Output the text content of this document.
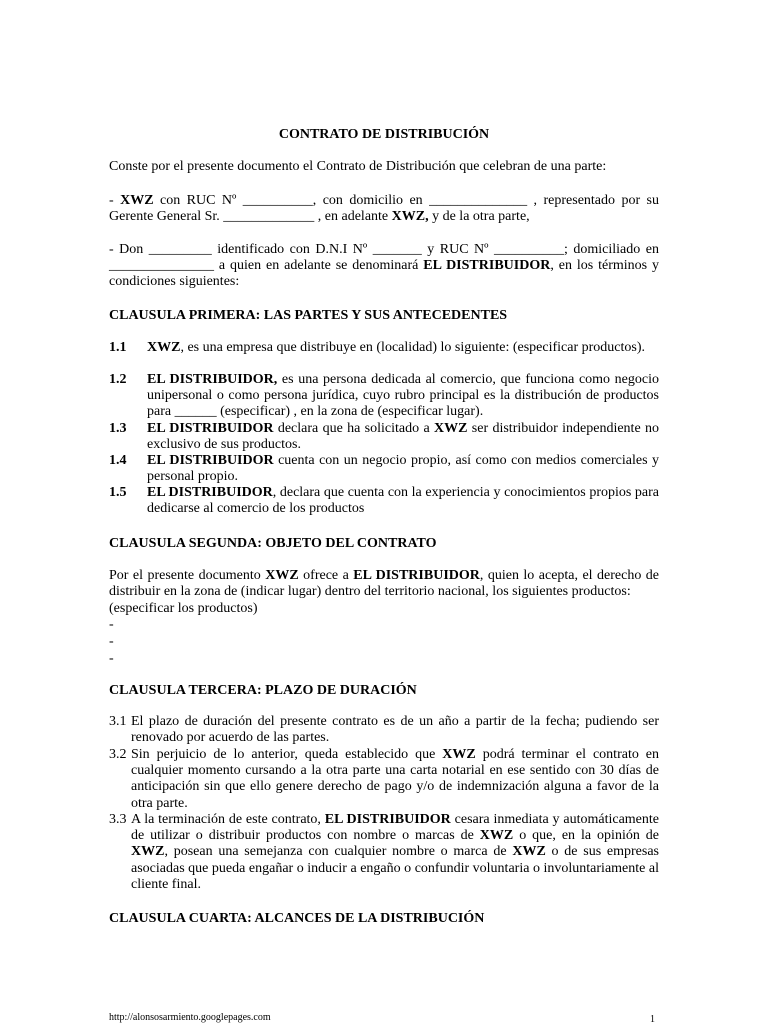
CONTRATO DE DISTRIBUCIÓN
Conste por el presente documento el Contrato de Distribución que celebran de una parte:
- XWZ con RUC Nº __________, con domicilio en ______________ , representado por su Gerente General Sr. _____________ , en adelante XWZ, y de la otra parte,
- Don _________ identificado con D.N.I Nº _______ y RUC Nº __________; domiciliado en _______________ a quien en adelante se denominará EL DISTRIBUIDOR, en los términos y condiciones siguientes:
CLAUSULA PRIMERA: LAS PARTES Y SUS ANTECEDENTES
1.1	XWZ, es una empresa que distribuye en (localidad) lo siguiente: (especificar productos).
1.2	EL DISTRIBUIDOR, es una persona dedicada al comercio, que funciona como negocio unipersonal o como persona jurídica, cuyo rubro principal es la distribución de productos para ______ (especificar) , en la zona de (especificar lugar).
1.3	EL DISTRIBUIDOR declara que ha solicitado a XWZ ser distribuidor independiente no exclusivo de sus productos.
1.4	EL DISTRIBUIDOR cuenta con un negocio propio, así como con medios comerciales y personal propio.
1.5	EL DISTRIBUIDOR, declara que cuenta con la experiencia y conocimientos propios para dedicarse al comercio de los productos
CLAUSULA SEGUNDA: OBJETO DEL CONTRATO
Por el presente documento XWZ ofrece a EL DISTRIBUIDOR, quien lo acepta, el derecho de distribuir en la zona de (indicar lugar) dentro del territorio nacional, los siguientes productos:
(especificar los productos)
-
-
-
CLAUSULA TERCERA: PLAZO DE DURACIÓN
3.1 El plazo de duración del presente contrato es de un año a partir de la fecha; pudiendo ser renovado por acuerdo de las partes.
3.2 Sin perjuicio de lo anterior, queda establecido que XWZ podrá terminar el contrato en cualquier momento cursando a la otra parte una carta notarial en ese sentido con 30 días de anticipación sin que ello genere derecho de pago y/o de indemnización alguna a favor de la otra parte.
3.3 A la terminación de este contrato, EL DISTRIBUIDOR cesara inmediata y automáticamente de utilizar o distribuir productos con nombre o marcas de XWZ o que, en la opinión de XWZ, posean una semejanza con cualquier nombre o marca de XWZ o de sus empresas asociadas que pueda engañar o inducir a engaño o confundir voluntaria o involuntariamente al cliente final.
CLAUSULA CUARTA: ALCANCES DE LA DISTRIBUCIÓN
http://alonsosarmiento.googlepages.com	1
